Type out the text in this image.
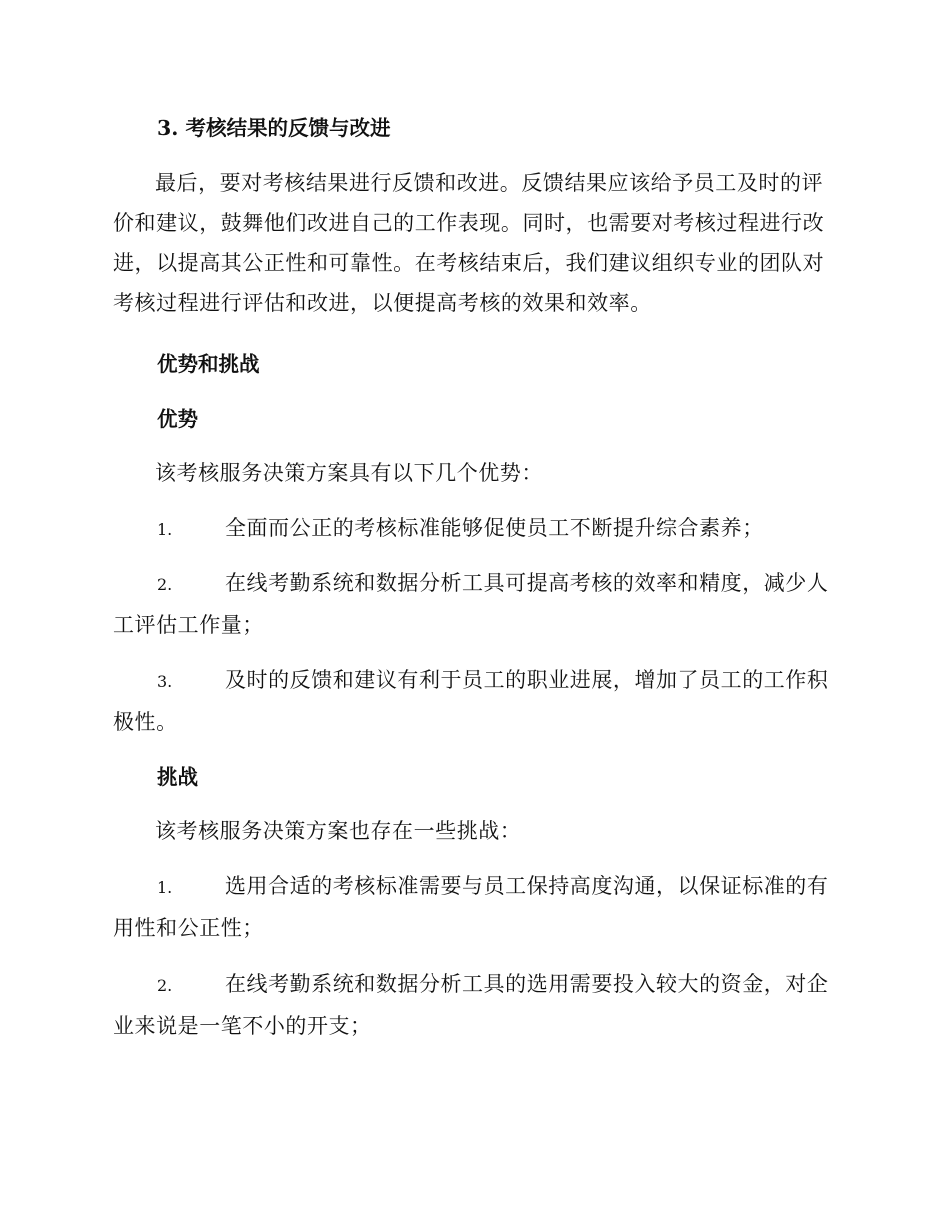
3. 考核结果的反馈与改进

最后，要对考核结果进行反馈和改进。反馈结果应该给予员工及时的评价和建议，鼓舞他们改进自己的工作表现。同时，也需要对考核过程进行改进，以提高其公正性和可靠性。在考核结束后，我们建议组织专业的团队对考核过程进行评估和改进，以便提高考核的效果和效率。

优势和挑战
优势

该考核服务决策方案具有以下几个优势：

1.	全面而公正的考核标准能够促使员工不断提升综合素养；

2.	在线考勤系统和数据分析工具可提高考核的效率和精度，减少人工评估工作量；

3.	及时的反馈和建议有利于员工的职业进展，增加了员工的工作积极性。

挑战

该考核服务决策方案也存在一些挑战：

1.	选用合适的考核标准需要与员工保持高度沟通，以保证标准的有用性和公正性；

2.	在线考勤系统和数据分析工具的选用需要投入较大的资金，对企业来说是一笔不小的开支；
